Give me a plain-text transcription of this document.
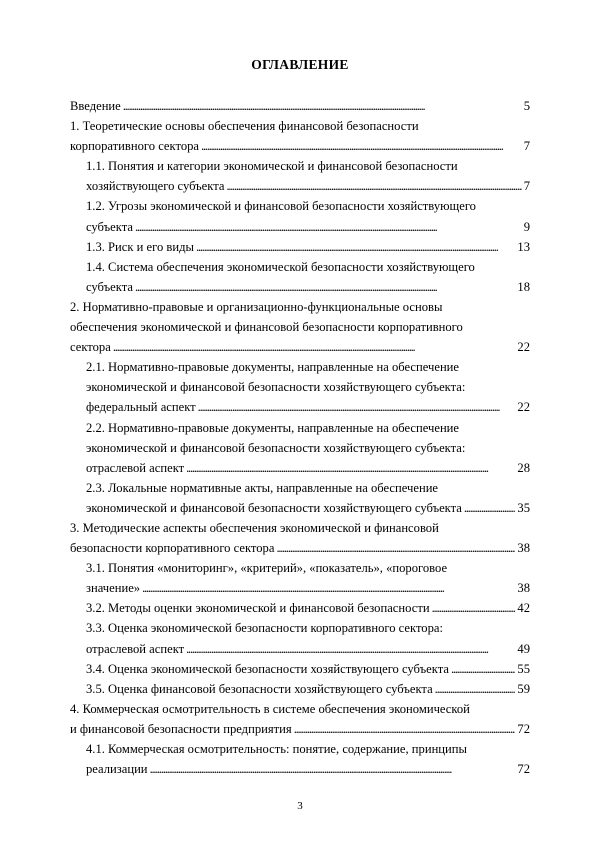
ОГЛАВЛЕНИЕ
Введение . . .	5
1. Теоретические основы обеспечения финансовой безопасности
корпоративного сектора . . .	7
1.1. Понятия и категории экономической и финансовой безопасности
хозяйствующего субъекта . . .	7
1.2. Угрозы экономической и финансовой безопасности хозяйствующего
субъекта . . .	9
1.3. Риск и его виды . . .	13
1.4. Система обеспечения экономической безопасности хозяйствующего
субъекта . . .	18
2. Нормативно-правовые и организационно-функциональные основы
обеспечения экономической и финансовой безопасности корпоративного
сектора . . .	22
2.1. Нормативно-правовые документы, направленные на обеспечение
экономической и финансовой безопасности хозяйствующего субъекта:
федеральный аспект . . .	22
2.2. Нормативно-правовые документы, направленные на обеспечение
экономической и финансовой безопасности хозяйствующего субъекта:
отраслевой аспект . . .	28
2.3. Локальные нормативные акты, направленные на обеспечение
экономической и финансовой безопасности хозяйствующего субъекта . . .	35
3. Методические аспекты обеспечения экономической и финансовой
безопасности корпоративного сектора . . .	38
3.1. Понятия «мониторинг», «критерий», «показатель», «пороговое
значение» . . .	38
3.2. Методы оценки экономической и финансовой безопасности . . .	42
3.3. Оценка экономической безопасности корпоративного сектора:
отраслевой аспект . . .	49
3.4. Оценка экономической безопасности хозяйствующего субъекта . . .	55
3.5. Оценка финансовой безопасности хозяйствующего субъекта . . .	59
4. Коммерческая осмотрительность в системе обеспечения экономической
и финансовой безопасности предприятия . . .	72
4.1. Коммерческая осмотрительность: понятие, содержание, принципы
реализации . . .	72
3
